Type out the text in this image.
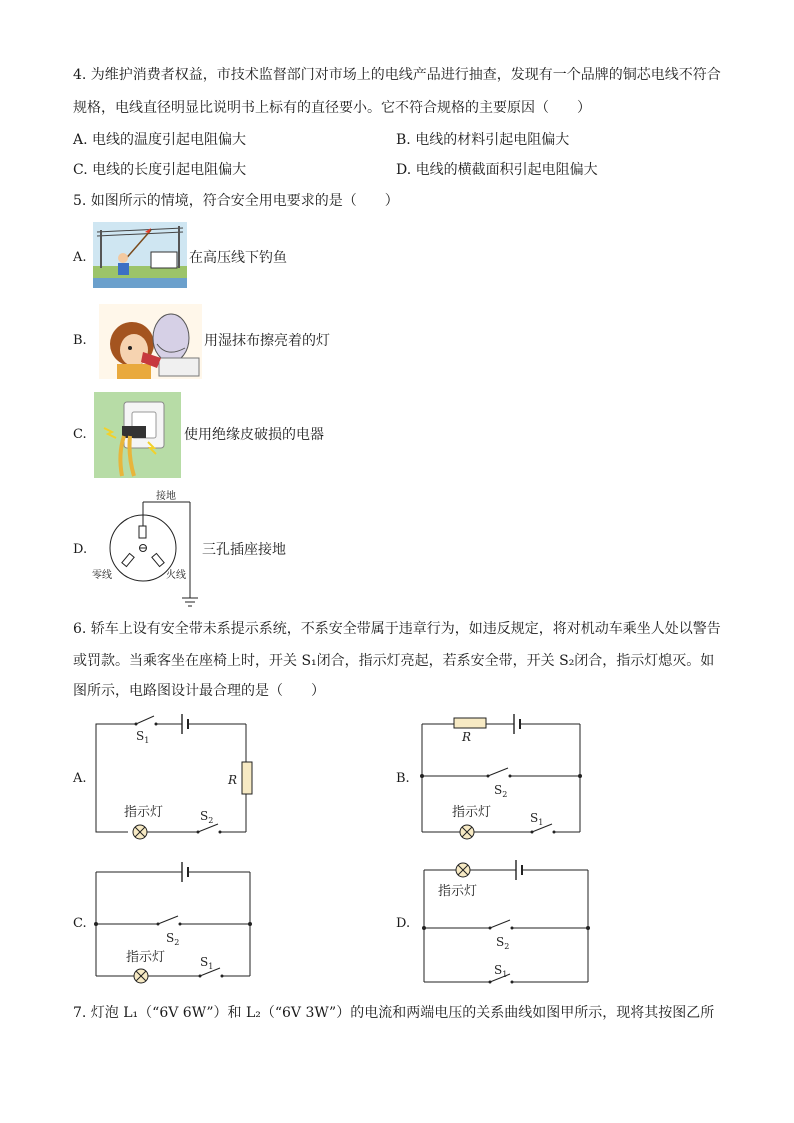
4. 为维护消费者权益，市技术监督部门对市场上的电线产品进行抽查，发现有一个品牌的铜芯电线不符合
规格，电线直径明显比说明书上标有的直径要小。它不符合规格的主要原因（　　）
A. 电线的温度引起电阻偏大	B. 电线的材料引起电阻偏大
C. 电线的长度引起电阻偏大	D. 电线的横截面积引起电阻偏大
5. 如图所示的情境，符合安全用电要求的是（　　）
A.	在高压线下钓鱼
B.	用湿抹布擦亮着的灯
C.	使用绝缘皮破损的电器
D.
接地
零线	火线
三孔插座接地
6. 轿车上设有安全带未系提示系统，不系安全带属于违章行为，如违反规定，将对机动车乘坐人处以警告
或罚款。当乘客坐在座椅上时，开关 S₁闭合，指示灯亮起，若系安全带，开关 S₂闭合，指示灯熄灭。如
图所示，电路图设计最合理的是（　　）
A.
$S_1$
R
指示灯	$S_2$
B.
R
$S_2$
指示灯	$S_1$
C.
$S_2$
指示灯	$S_1$
D.
指示灯
$S_2$
$S_1$
7. 灯泡 L₁（“6V 6W”）和 L₂（“6V 3W”）的电流和两端电压的关系曲线如图甲所示，现将其按图乙所
